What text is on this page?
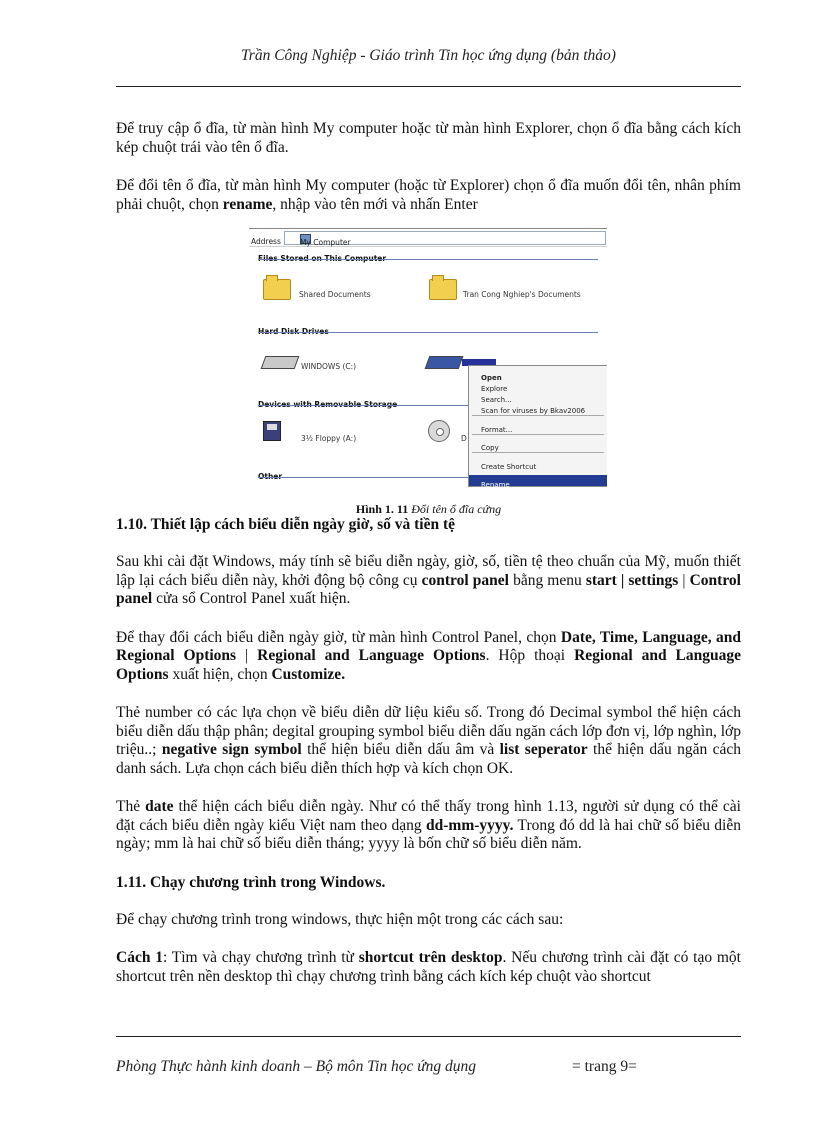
Trần Công Nghiệp - Giáo trình Tin học ứng dụng (bản thảo)

Để truy cập ổ đĩa, từ màn hình My computer hoặc từ màn hình Explorer, chọn ổ đĩa bằng cách kích kép chuột trái vào tên ổ đĩa.

Để đổi tên ổ đĩa, từ màn hình My computer (hoặc từ Explorer) chọn ổ đĩa muốn đổi tên, nhân phím phải chuột, chọn rename, nhập vào tên mới và nhấn Enter

Address	My Computer
Files Stored on This Computer
Shared Documents	Tran Cong Nghiep's Documents
Hard Disk Drives
WINDOWS (C:)
Devices with Removable Storage
3½ Floppy (A:)	D
Other
Open
Explore
Search...
Scan for viruses by Bkav2006
Format...
Copy
Create Shortcut
Rename
Hình 1. 11 Đổi tên ổ đĩa cứng
1.10. Thiết lập cách biểu diễn ngày giờ, số và tiền tệ

Sau khi cài đặt Windows, máy tính sẽ biểu diễn ngày, giờ, số, tiền tệ theo chuẩn của Mỹ, muốn thiết lập lại cách biểu diễn này, khởi động bộ công cụ control panel bằng menu start | settings | Control panel cửa sổ Control Panel xuất hiện.

Để thay đổi cách biểu diễn ngày giờ, từ màn hình Control Panel, chọn Date, Time, Language, and Regional Options | Regional and Language Options. Hộp thoại Regional and Language Options xuất hiện, chọn Customize.

Thẻ number có các lựa chọn về biểu diễn dữ liệu kiểu số. Trong đó Decimal symbol thể hiện cách biểu diễn dấu thập phân; degital grouping symbol biểu diễn dấu ngăn cách lớp đơn vị, lớp nghìn, lớp triệu..; negative sign symbol thể hiện biểu diễn dấu âm và list seperator thể hiện dấu ngăn cách danh sách. Lựa chọn cách biểu diễn thích hợp và kích chọn OK.

Thẻ date thể hiện cách biểu diễn ngày. Như có thể thấy trong hình 1.13, người sử dụng có thể cài đặt cách biểu diễn ngày kiểu Việt nam theo dạng dd-mm-yyyy. Trong đó dd là hai chữ số biểu diễn ngày; mm là hai chữ số biểu diễn tháng; yyyy là bốn chữ số biểu diễn năm.

1.11. Chạy chương trình trong Windows.

Để chạy chương trình trong windows, thực hiện một trong các cách sau:

Cách 1: Tìm và chạy chương trình từ shortcut trên desktop. Nếu chương trình cài đặt có tạo một shortcut trên nền desktop thì chạy chương trình bằng cách kích kép chuột vào shortcut

Phòng Thực hành kinh doanh – Bộ môn Tin học ứng dụng	= trang 9=
